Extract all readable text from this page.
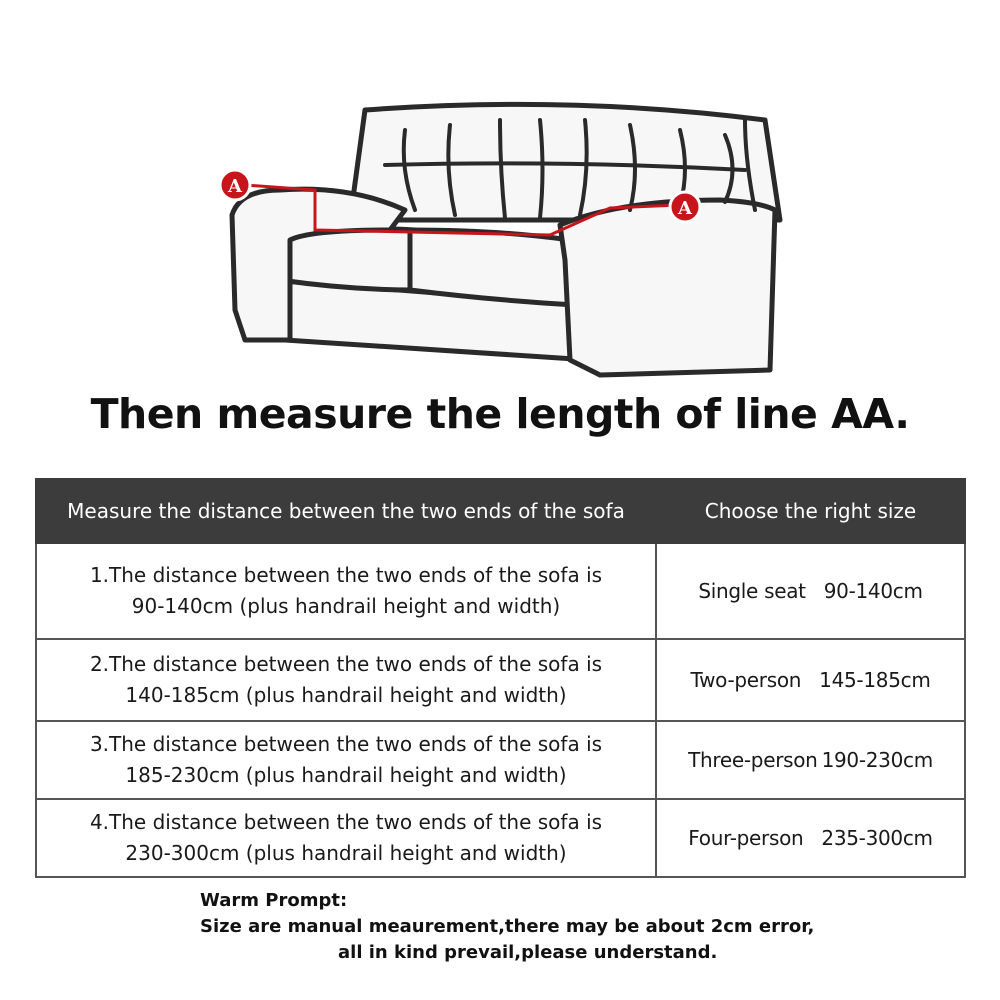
A
A
Then measure the length of line AA.
Measure the distance between the two ends of the sofa	Choose the right size

1.The distance between the two ends of the sofa is
90-140cm (plus handrail height and width)	Single seat 90-140cm

2.The distance between the two ends of the sofa is
140-185cm (plus handrail height and width)	Two-person 145-185cm

3.The distance between the two ends of the sofa is
185-230cm (plus handrail height and width)	Three-person 190-230cm

4.The distance between the two ends of the sofa is
230-300cm (plus handrail height and width)	Four-person 235-300cm
Warm Prompt:
Size are manual meaurement,there may be about 2cm error,
all in kind prevail,please understand.
